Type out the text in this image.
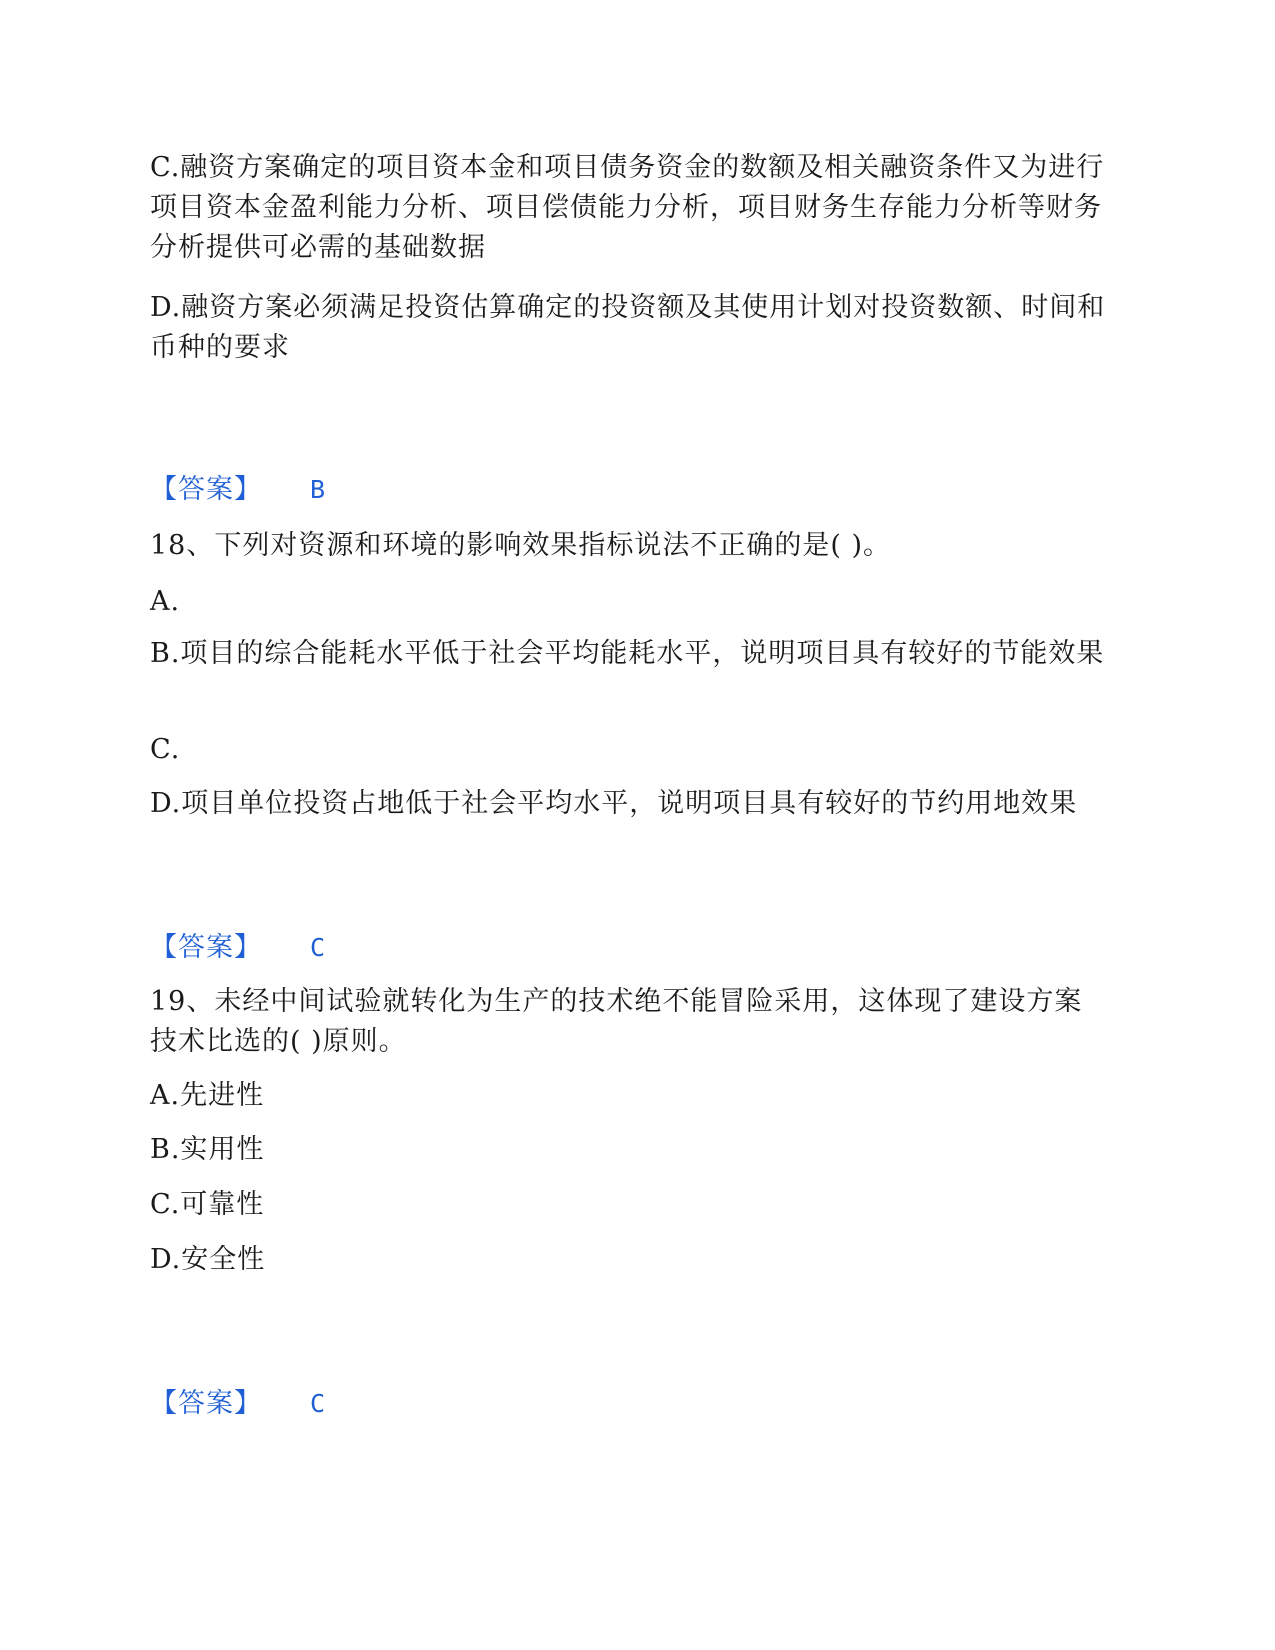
C.融资方案确定的项目资本金和项目债务资金的数额及相关融资条件又为进行项目资本金盈利能力分析、项目偿债能力分析，项目财务生存能力分析等财务分析提供可必需的基础数据
D.融资方案必须满足投资估算确定的投资额及其使用计划对投资数额、时间和币种的要求
【答案】 B
18、下列对资源和环境的影响效果指标说法不正确的是( )。
A.
B.项目的综合能耗水平低于社会平均能耗水平，说明项目具有较好的节能效果
C.
D.项目单位投资占地低于社会平均水平，说明项目具有较好的节约用地效果
【答案】 C
19、未经中间试验就转化为生产的技术绝不能冒险采用，这体现了建设方案技术比选的( )原则。
A.先进性
B.实用性
C.可靠性
D.安全性
【答案】 C
